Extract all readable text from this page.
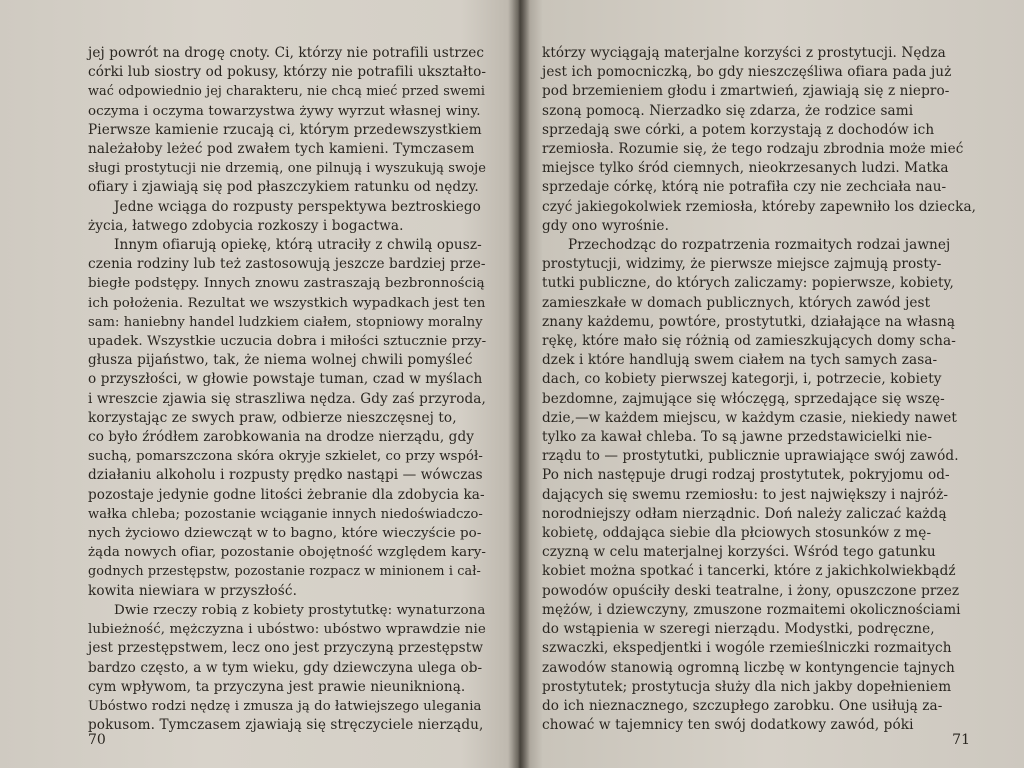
jej powrót na drogę cnoty. Ci, którzy nie potrafili ustrzec
córki lub siostry od pokusy, którzy nie potrafili ukształto-
wać odpowiednio jej charakteru, nie chcą mieć przed swemi
oczyma i oczyma towarzystwa żywy wyrzut własnej winy.
Pierwsze kamienie rzucają ci, którym przedewszystkiem
należałoby leżeć pod zwałem tych kamieni. Tymczasem
sługi prostytucji nie drzemią, one pilnują i wyszukują swoje
ofiary i zjawiają się pod płaszczykiem ratunku od nędzy.
Jedne wciąga do rozpusty perspektywa beztroskiego
życia, łatwego zdobycia rozkoszy i bogactwa.
Innym ofiarują opiekę, którą utraciły z chwilą opusz-
czenia rodziny lub też zastosowują jeszcze bardziej prze-
biegłe podstępy. Innych znowu zastraszają bezbronnością
ich położenia. Rezultat we wszystkich wypadkach jest ten
sam: haniebny handel ludzkiem ciałem, stopniowy moralny
upadek. Wszystkie uczucia dobra i miłości sztucznie przy-
głusza pijaństwo, tak, że niema wolnej chwili pomyśleć
o przyszłości, w głowie powstaje tuman, czad w myślach
i wreszcie zjawia się straszliwa nędza. Gdy zaś przyroda,
korzystając ze swych praw, odbierze nieszczęsnej to,
co było źródłem zarobkowania na drodze nierządu, gdy
suchą, pomarszczona skóra okryje szkielet, co przy współ-
działaniu alkoholu i rozpusty prędko nastąpi — wówczas
pozostaje jedynie godne litości żebranie dla zdobycia ka-
wałka chleba; pozostanie wciąganie innych niedoświadczo-
nych życiowo dziewcząt w to bagno, które wieczyście po-
żąda nowych ofiar, pozostanie obojętność względem kary-
godnych przestępstw, pozostanie rozpacz w minionem i cał-
kowita niewiara w przyszłość.
Dwie rzeczy robią z kobiety prostytutkę: wynaturzona
lubieżność, mężczyzna i ubóstwo: ubóstwo wprawdzie nie
jest przestępstwem, lecz ono jest przyczyną przestępstw
bardzo często, a w tym wieku, gdy dziewczyna ulega ob-
cym wpływom, ta przyczyna jest prawie nieuniknioną.
Ubóstwo rodzi nędzę i zmusza ją do łatwiejszego ulegania
pokusom. Tymczasem zjawiają się stręczyciele nierządu,
70
którzy wyciągają materjalne korzyści z prostytucji. Nędza
jest ich pomocniczką, bo gdy nieszczęśliwa ofiara pada już
pod brzemieniem głodu i zmartwień, zjawiają się z niepro-
szoną pomocą. Nierzadko się zdarza, że rodzice sami
sprzedają swe córki, a potem korzystają z dochodów ich
rzemiosła. Rozumie się, że tego rodzaju zbrodnia może mieć
miejsce tylko śród ciemnych, nieokrzesanych ludzi. Matka
sprzedaje córkę, którą nie potrafiła czy nie zechciała nau-
czyć jakiegokolwiek rzemiosła, któreby zapewniło los dziecka,
gdy ono wyrośnie.
Przechodząc do rozpatrzenia rozmaitych rodzai jawnej
prostytucji, widzimy, że pierwsze miejsce zajmują prosty-
tutki publiczne, do których zaliczamy: popierwsze, kobiety,
zamieszkałe w domach publicznych, których zawód jest
znany każdemu, powtóre, prostytutki, działające na własną
rękę, które mało się różnią od zamieszkujących domy scha-
dzek i które handlują swem ciałem na tych samych zasa-
dach, co kobiety pierwszej kategorji, i, potrzecie, kobiety
bezdomne, zajmujące się włóczęgą, sprzedające się wszę-
dzie,—w każdem miejscu, w każdym czasie, niekiedy nawet
tylko za kawał chleba. To są jawne przedstawicielki nie-
rządu to — prostytutki, publicznie uprawiające swój zawód.
Po nich następuje drugi rodzaj prostytutek, pokryjomu od-
dających się swemu rzemiosłu: to jest największy i najróż-
norodniejszy odłam nierządnic. Doń należy zaliczać każdą
kobietę, oddająca siebie dla płciowych stosunków z mę-
czyzną w celu materjalnej korzyści. Wśród tego gatunku
kobiet można spotkać i tancerki, które z jakichkolwiekbądź
powodów opuściły deski teatralne, i żony, opuszczone przez
mężów, i dziewczyny, zmuszone rozmaitemi okolicznościami
do wstąpienia w szeregi nierządu. Modystki, podręczne,
szwaczki, ekspedjentki i wogóle rzemieślniczki rozmaitych
zawodów stanowią ogromną liczbę w kontyngencie tajnych
prostytutek; prostytucja służy dla nich jakby dopełnieniem
do ich nieznacznego, szczupłego zarobku. One usiłują za-
chować w tajemnicy ten swój dodatkowy zawód, póki
71
